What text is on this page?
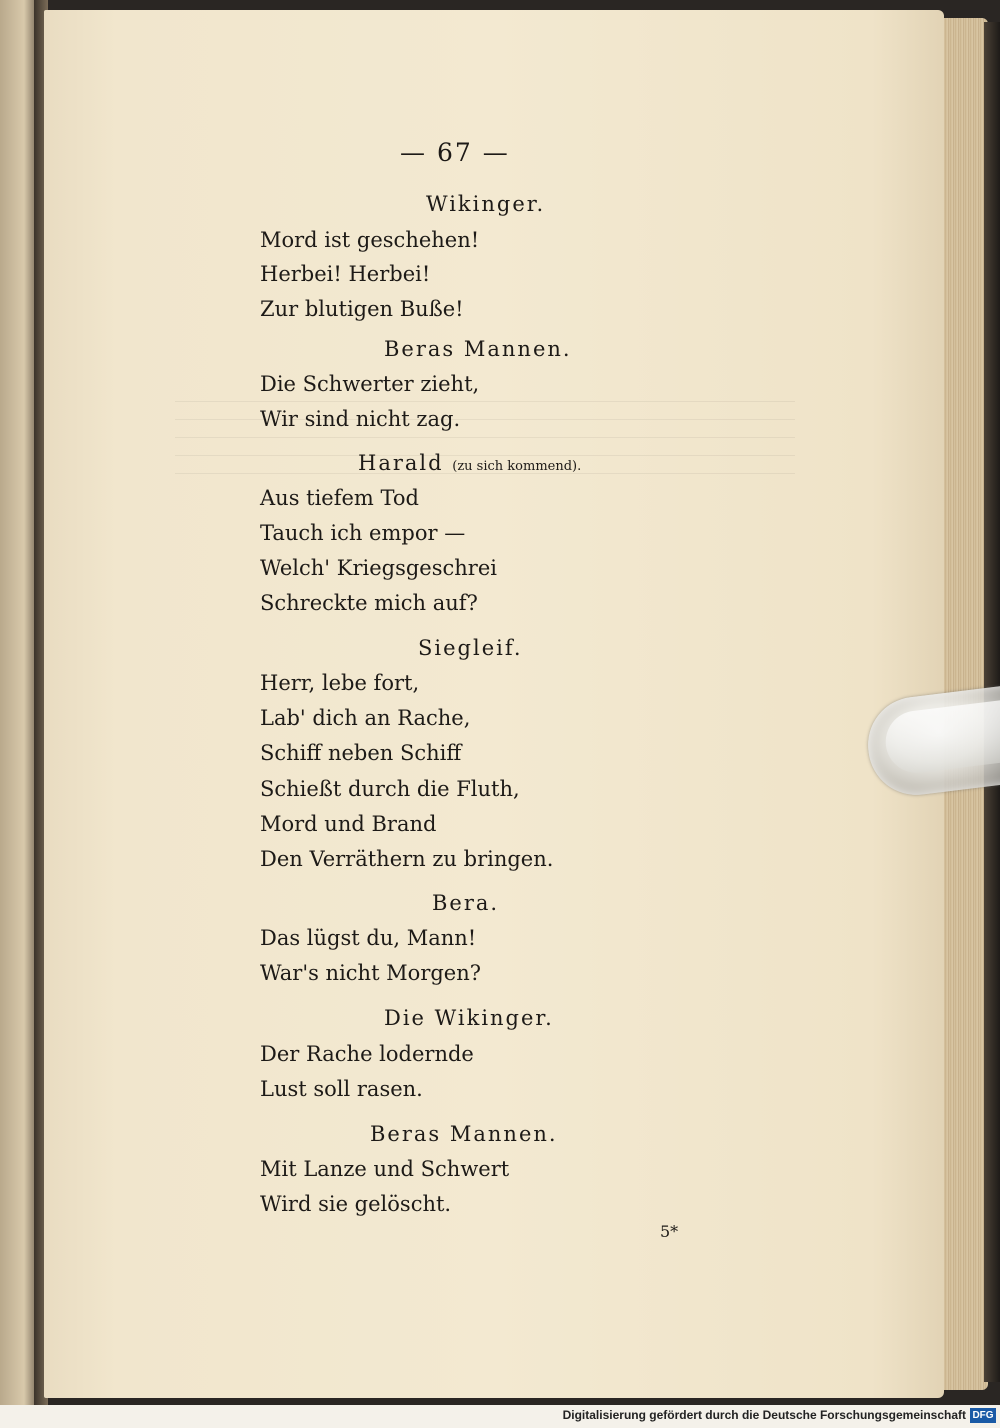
— 67 —
Wikinger.
Mord ist geschehen!
Herbei! Herbei!
Zur blutigen Buße!
Beras Mannen.
Die Schwerter zieht,
Wir sind nicht zag.
Harald (zu sich kommend).
Aus tiefem Tod
Tauch ich empor —
Welch' Kriegsgeschrei
Schreckte mich auf?
Siegleif.
Herr, lebe fort,
Lab' dich an Rache,
Schiff neben Schiff
Schießt durch die Fluth,
Mord und Brand
Den Verräthern zu bringen.
Bera.
Das lügst du, Mann!
War's nicht Morgen?
Die Wikinger.
Der Rache lodernde
Lust soll rasen.
Beras Mannen.
Mit Lanze und Schwert
Wird sie gelöscht.
5*
Digitalisierung gefördert durch die Deutsche Forschungsgemeinschaft DFG
